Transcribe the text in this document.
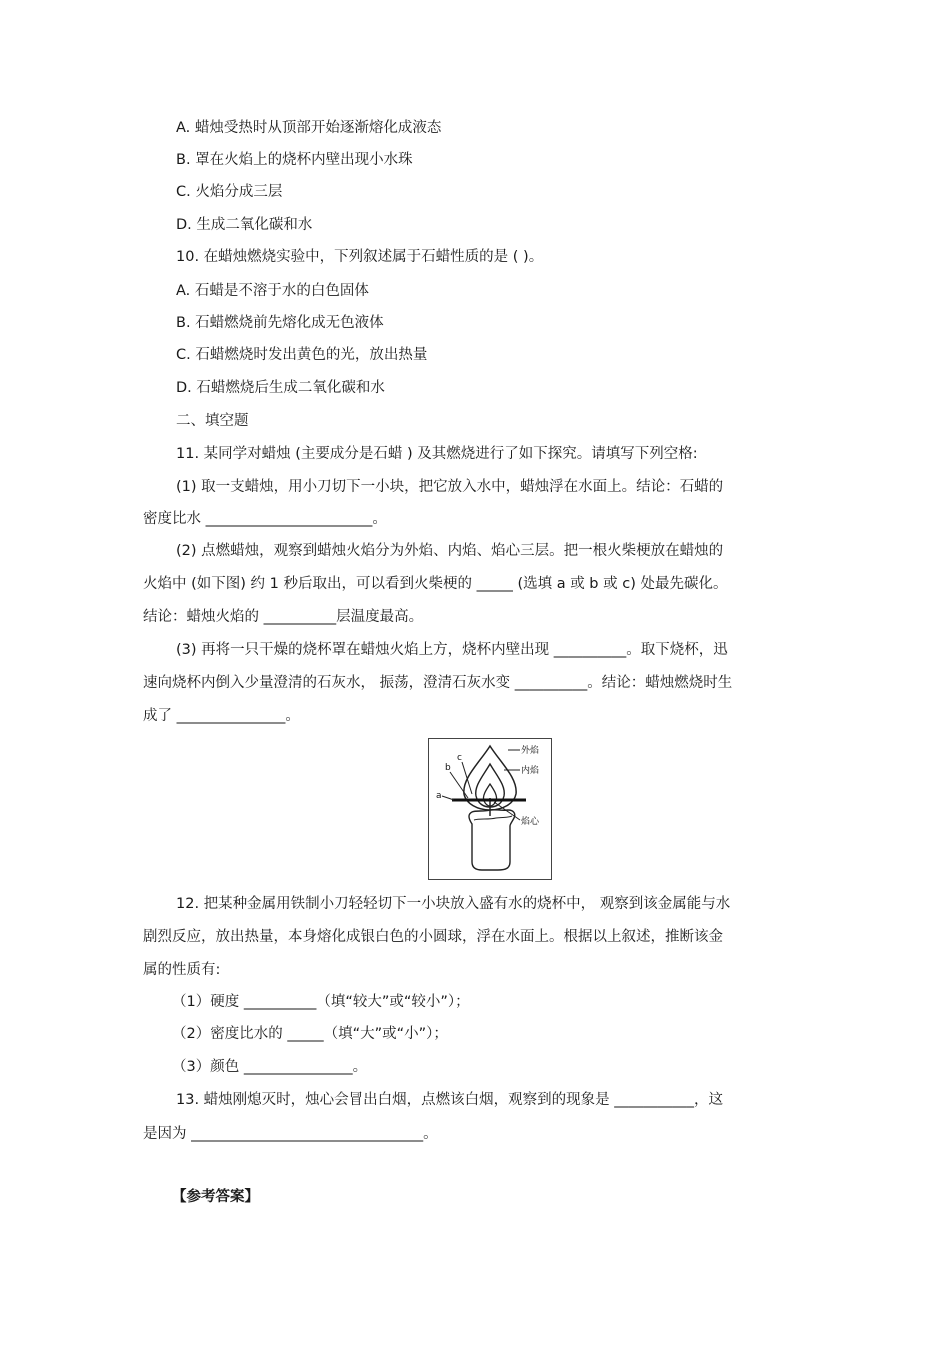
A. 蜡烛受热时从顶部开始逐渐熔化成液态
B. 罩在火焰上的烧杯内壁出现小水珠
C. 火焰分成三层
D. 生成二氧化碳和水
10. 在蜡烛燃烧实验中，下列叙述属于石蜡性质的是 ( )。
A. 石蜡是不溶于水的白色固体
B. 石蜡燃烧前先熔化成无色液体
C. 石蜡燃烧时发出黄色的光，放出热量
D. 石蜡燃烧后生成二氧化碳和水
二、填空题
11. 某同学对蜡烛 (主要成分是石蜡 ) 及其燃烧进行了如下探究。请填写下列空格:
(1) 取一支蜡烛，用小刀切下一小块，把它放入水中，蜡烛浮在水面上。结论：石蜡的
密度比水 _______________________。
(2) 点燃蜡烛，观察到蜡烛火焰分为外焰、内焰、焰心三层。把一根火柴梗放在蜡烛的
火焰中 (如下图) 约 1 秒后取出，可以看到火柴梗的 _____ (选填 a 或 b 或 c) 处最先碳化。
结论：蜡烛火焰的 __________层温度最高。
(3) 再将一只干燥的烧杯罩在蜡烛火焰上方，烧杯内壁出现 __________。取下烧杯，迅
速向烧杯内倒入少量澄清的石灰水， 振荡，澄清石灰水变 __________。结论：蜡烛燃烧时生
成了 _______________。
外焰
内焰
焰心
c
b
a
12. 把某种金属用铁制小刀轻轻切下一小块放入盛有水的烧杯中， 观察到该金属能与水
剧烈反应，放出热量，本身熔化成银白色的小圆球，浮在水面上。根据以上叙述，推断该金
属的性质有:
（1）硬度 __________（填“较大”或“较小”）；
（2）密度比水的 _____（填“大”或“小”）；
（3）颜色 _______________。
13. 蜡烛刚熄灭时，烛心会冒出白烟，点燃该白烟，观察到的现象是 ___________，这
是因为 ________________________________。
【参考答案】
